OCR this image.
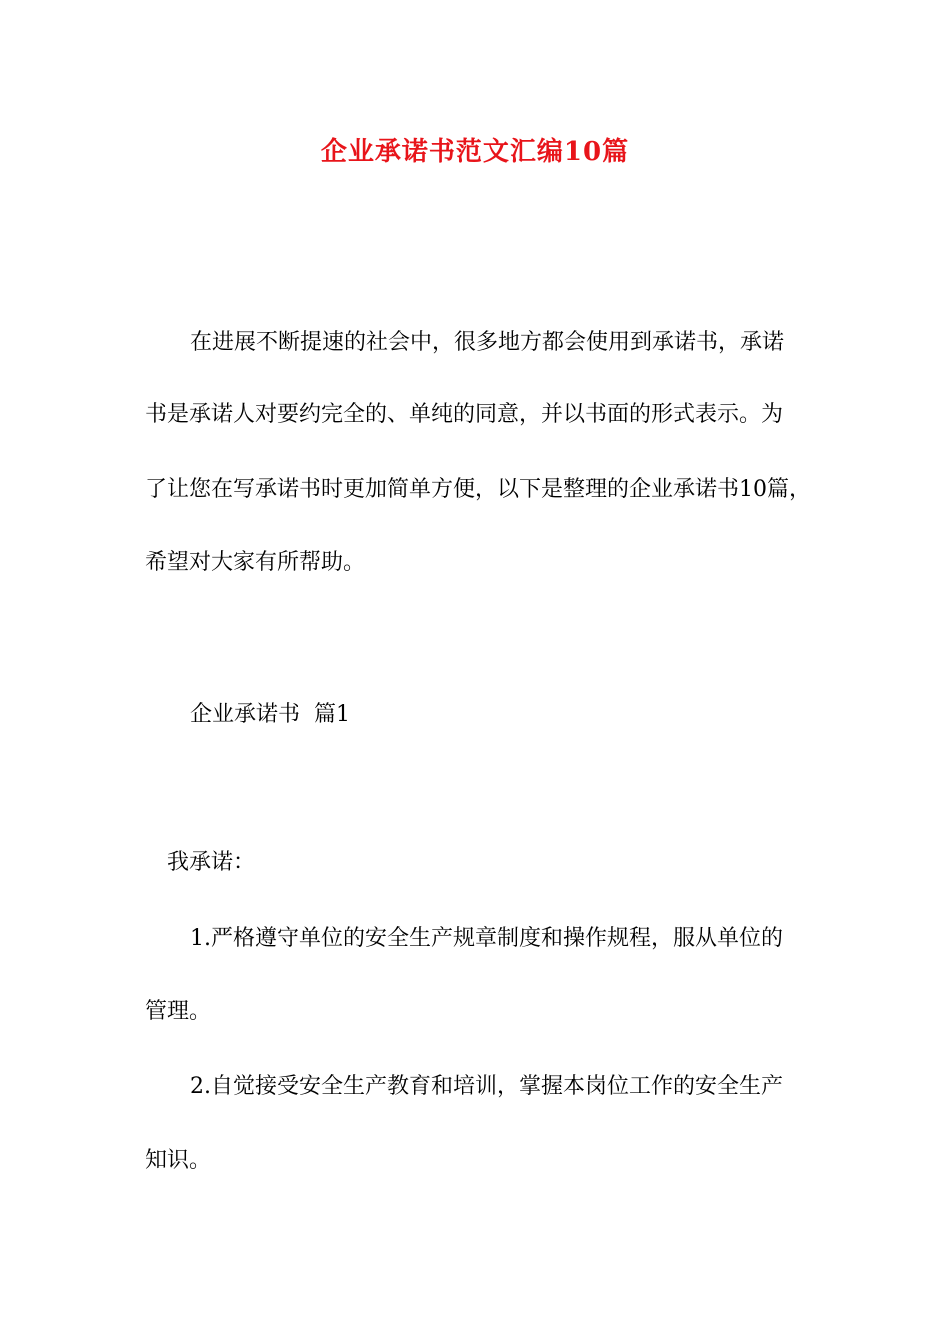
企业承诺书范文汇编10篇
在进展不断提速的社会中，很多地方都会使用到承诺书，承诺
书是承诺人对要约完全的、单纯的同意，并以书面的形式表示。为
了让您在写承诺书时更加简单方便，以下是整理的企业承诺书10篇，
希望对大家有所帮助。
企业承诺书  篇1
我承诺：
1.严格遵守单位的安全生产规章制度和操作规程，服从单位的
管理。
2.自觉接受安全生产教育和培训，掌握本岗位工作的安全生产
知识。
